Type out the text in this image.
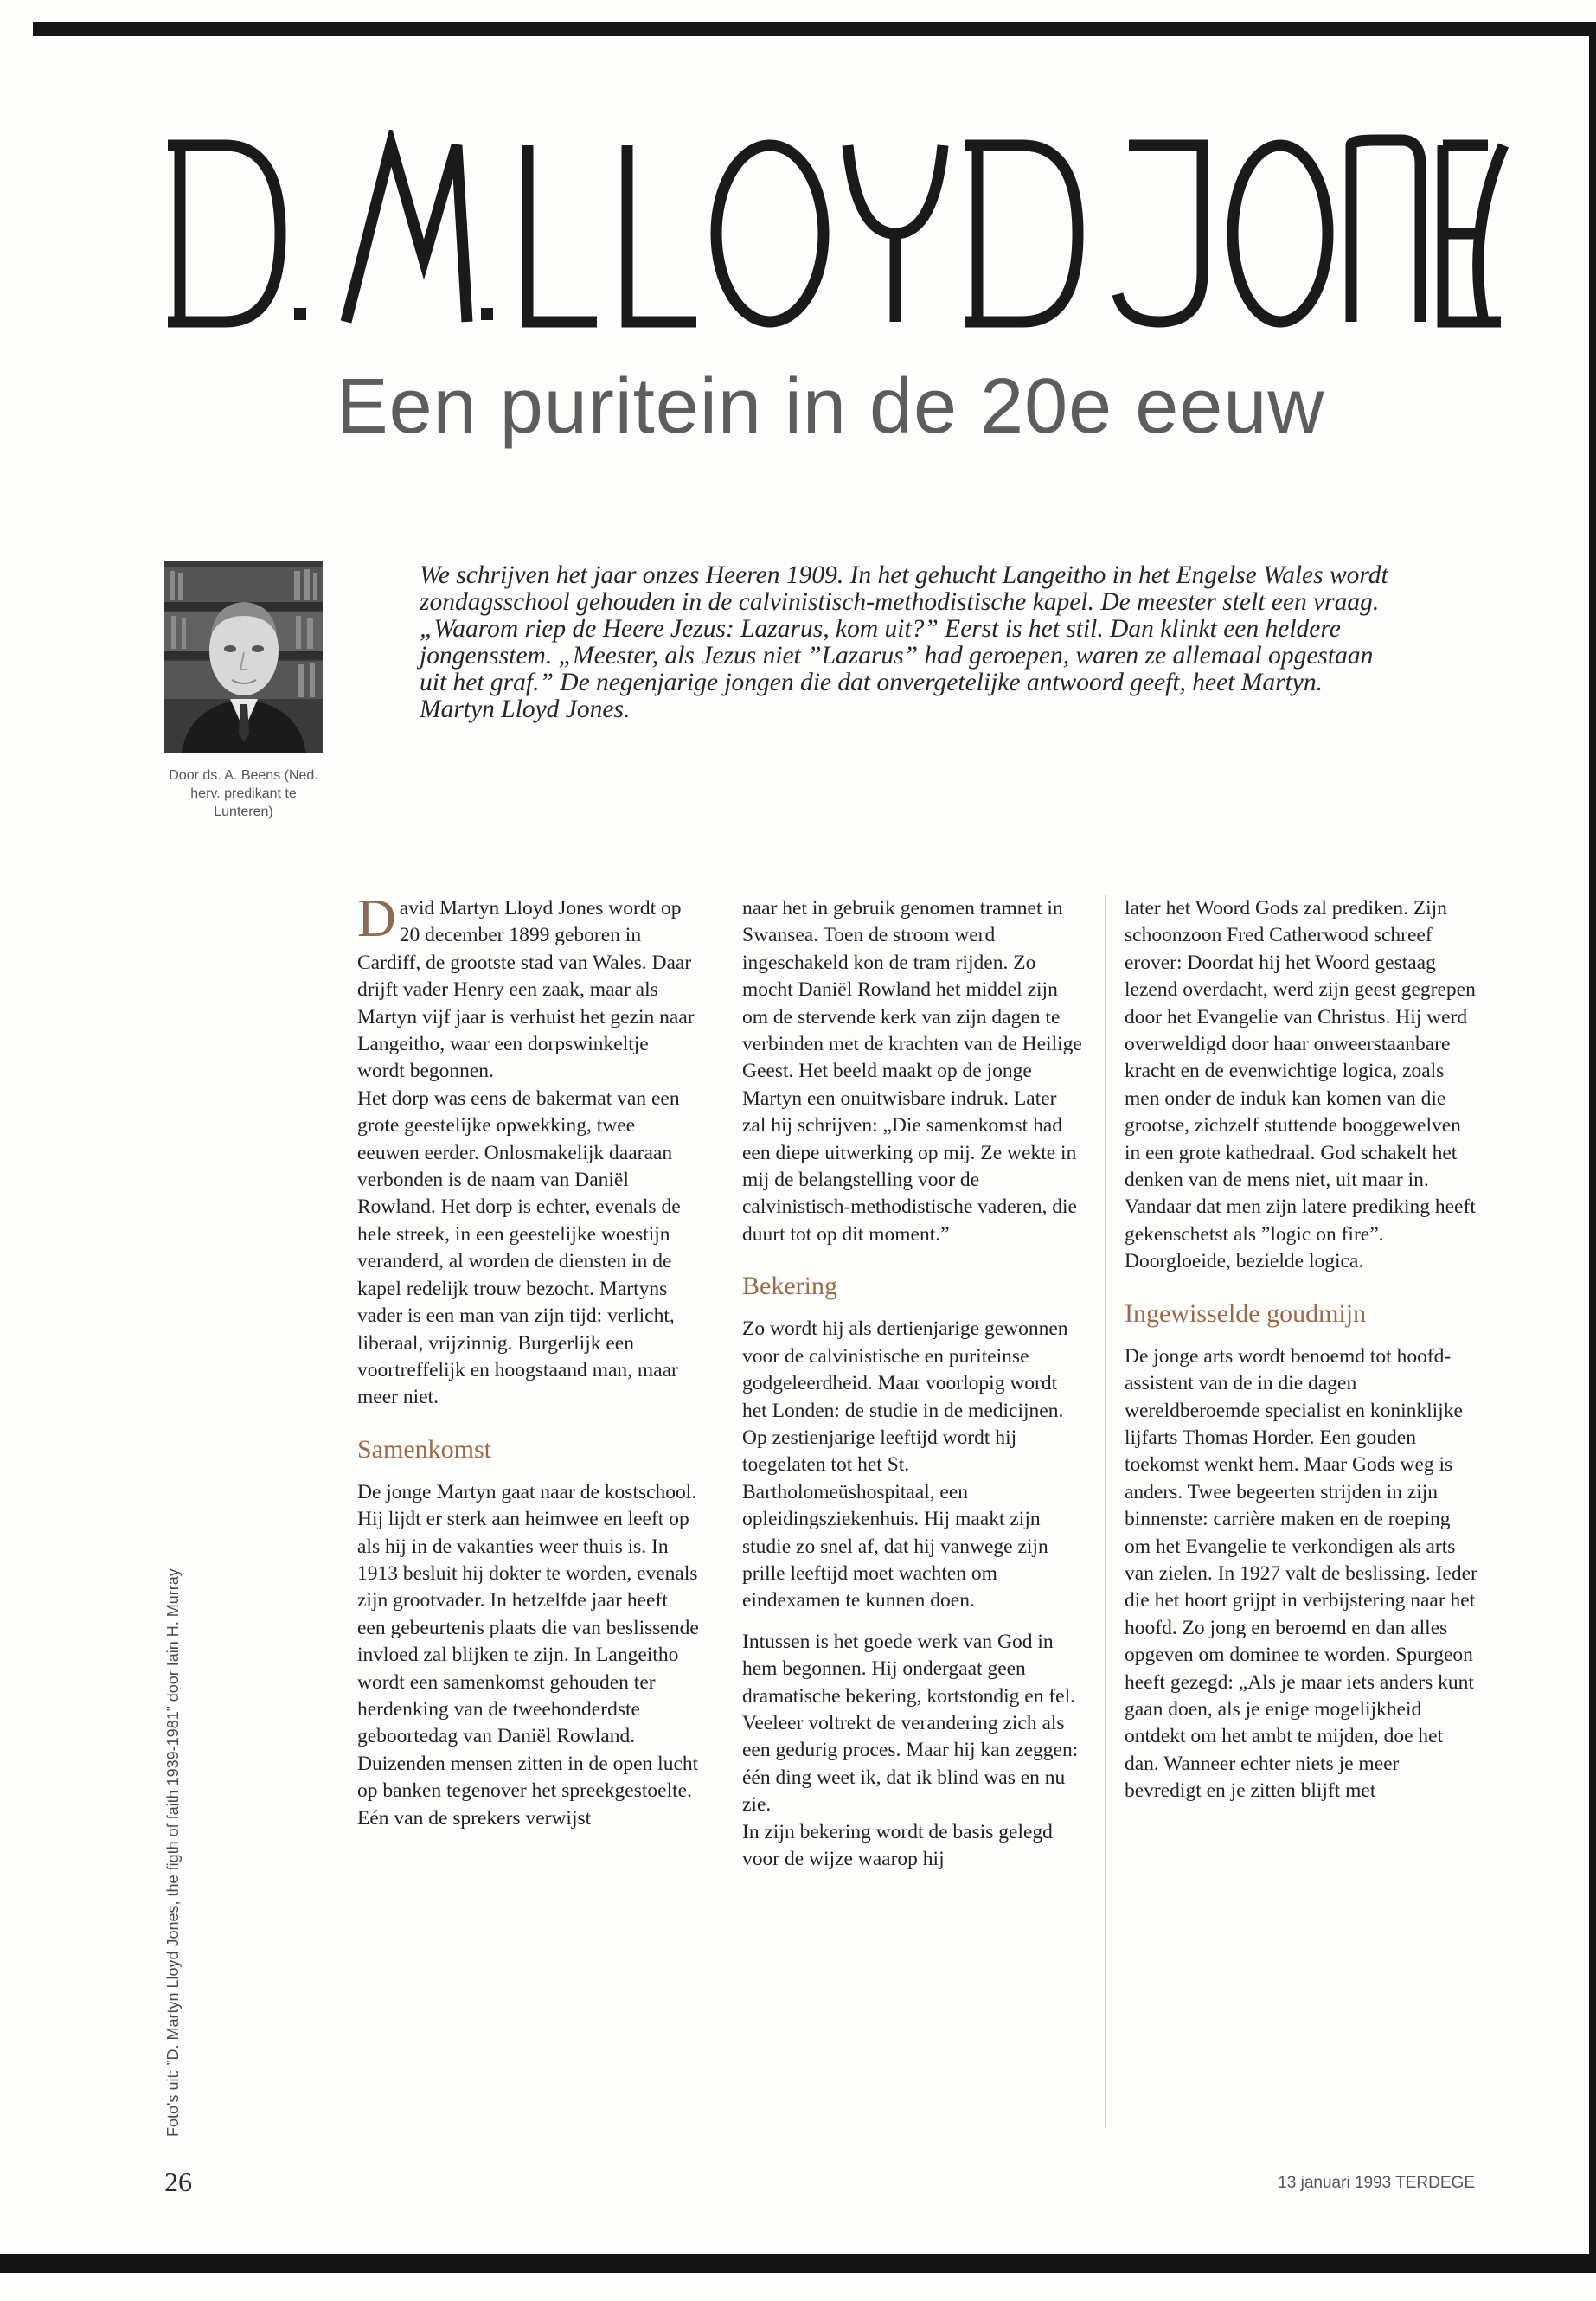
Een puritein in de 20e eeuw
Door ds. A. Beens (Ned. herv. predikant te Lunteren)
We schrijven het jaar onzes Heeren 1909. In het gehucht Langeitho in het Engelse Wales wordt zondagsschool gehouden in de calvinistisch-methodistische kapel. De meester stelt een vraag. „Waarom riep de Heere Jezus: Lazarus, kom uit?” Eerst is het stil. Dan klinkt een heldere jongensstem. „Meester, als Jezus niet ”Lazarus” had geroepen, waren ze allemaal opgestaan uit het graf.” De negenjarige jongen die dat onvergetelijke antwoord geeft, heet Martyn. Martyn Lloyd Jones.

David Martyn Lloyd Jones wordt op 20 december 1899 geboren in Cardiff, de grootste stad van Wales. Daar drijft vader Henry een zaak, maar als Martyn vijf jaar is verhuist het gezin naar Langeitho, waar een dorpswinkeltje wordt begonnen.

Het dorp was eens de bakermat van een grote geestelijke opwekking, twee eeuwen eerder. Onlosmakelijk daaraan verbonden is de naam van Daniël Rowland. Het dorp is echter, evenals de hele streek, in een geestelijke woestijn veranderd, al worden de diensten in de kapel redelijk trouw bezocht. Martyns vader is een man van zijn tijd: verlicht, liberaal, vrijzinnig. Burgerlijk een voortreffelijk en hoogstaand man, maar meer niet.

Samenkomst

De jonge Martyn gaat naar de kostschool. Hij lijdt er sterk aan heimwee en leeft op als hij in de vakanties weer thuis is. In 1913 besluit hij dokter te worden, evenals zijn grootvader. In hetzelfde jaar heeft een gebeurtenis plaats die van beslissende invloed zal blijken te zijn. In Langeitho wordt een samenkomst gehouden ter herdenking van de tweehonderdste geboortedag van Daniël Rowland. Duizenden mensen zitten in de open lucht op banken tegenover het spreekgestoelte.

Eén van de sprekers verwijst

naar het in gebruik genomen tramnet in Swansea. Toen de stroom werd ingeschakeld kon de tram rijden. Zo mocht Daniël Rowland het middel zijn om de stervende kerk van zijn dagen te verbinden met de krachten van de Heilige Geest. Het beeld maakt op de jonge Martyn een onuitwisbare indruk. Later zal hij schrijven: „Die samenkomst had een diepe uitwerking op mij. Ze wekte in mij de belangstelling voor de calvinistisch-methodistische vaderen, die duurt tot op dit moment.”

Bekering

Zo wordt hij als dertienjarige gewonnen voor de calvinistische en puriteinse godgeleerdheid. Maar voorlopig wordt het Londen: de studie in de medicijnen. Op zestienjarige leeftijd wordt hij toegelaten tot het St. Bartholomeüshospitaal, een opleidingsziekenhuis. Hij maakt zijn studie zo snel af, dat hij vanwege zijn prille leeftijd moet wachten om eindexamen te kunnen doen.

Intussen is het goede werk van God in hem begonnen. Hij ondergaat geen dramatische bekering, kortstondig en fel. Veeleer voltrekt de verandering zich als een gedurig proces. Maar hij kan zeggen: één ding weet ik, dat ik blind was en nu zie.

In zijn bekering wordt de basis gelegd voor de wijze waarop hij

later het Woord Gods zal prediken. Zijn schoonzoon Fred Catherwood schreef erover: Doordat hij het Woord gestaag lezend overdacht, werd zijn geest gegrepen door het Evangelie van Christus. Hij werd overweldigd door haar onweerstaanbare kracht en de evenwichtige logica, zoals men onder de induk kan komen van die grootse, zichzelf stuttende booggewelven in een grote kathedraal. God schakelt het denken van de mens niet, uit maar in. Vandaar dat men zijn latere prediking heeft gekenschetst als ”logic on fire”. Doorgloeide, bezielde logica.

Ingewisselde goudmijn

De jonge arts wordt benoemd tot hoofd-assistent van de in die dagen wereldberoemde specialist en koninklijke lijfarts Thomas Horder. Een gouden toekomst wenkt hem. Maar Gods weg is anders. Twee begeerten strijden in zijn binnenste: carrière maken en de roeping om het Evangelie te verkondigen als arts van zielen. In 1927 valt de beslissing. Ieder die het hoort grijpt in verbijstering naar het hoofd. Zo jong en beroemd en dan alles opgeven om dominee te worden. Spurgeon heeft gezegd: „Als je maar iets anders kunt gaan doen, als je enige mogelijkheid ontdekt om het ambt te mijden, doe het dan. Wanneer echter niets je meer bevredigt en je zitten blijft met

Foto's uit: ”D. Martyn Lloyd Jones, the figth of faith 1939-1981” door Iain H. Murray
26	13 januari 1993 TERDEGE
